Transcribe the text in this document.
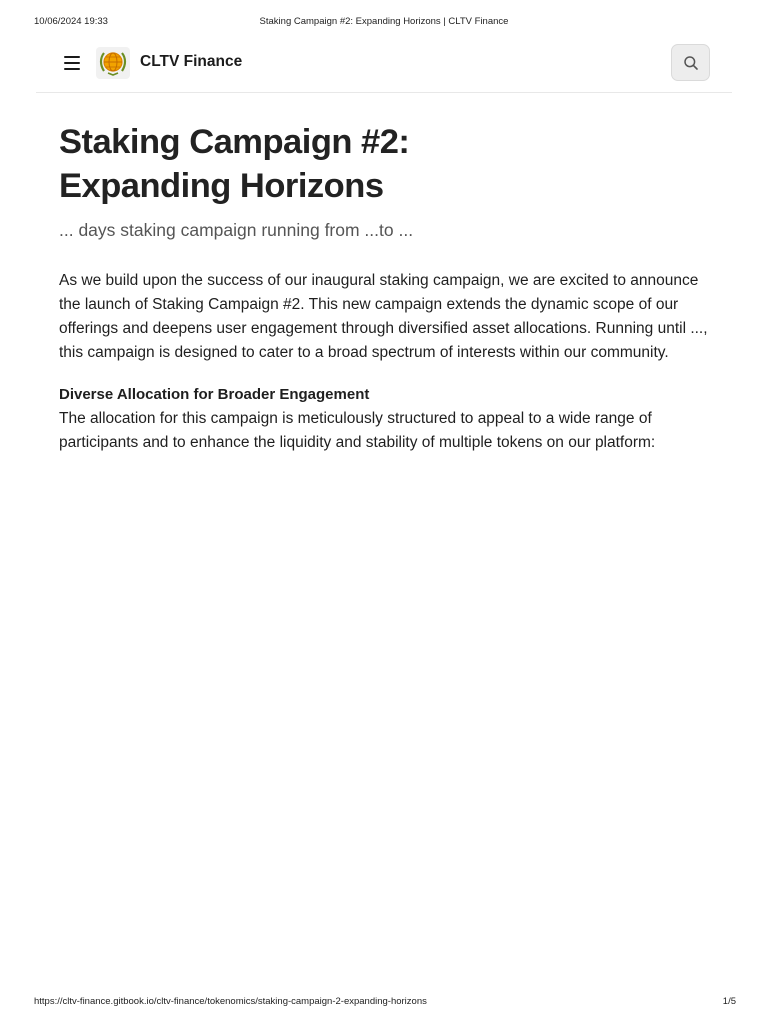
10/06/2024 19:33	Staking Campaign #2: Expanding Horizons | CLTV Finance
CLTV Finance
Staking Campaign #2:
Expanding Horizons

... days staking campaign running from ...to ...

As we build upon the success of our inaugural staking campaign, we are excited to announce the launch of Staking Campaign #2. This new campaign extends the dynamic scope of our offerings and deepens user engagement through diversified asset allocations. Running until ..., this campaign is designed to cater to a broad spectrum of interests within our community.

Diverse Allocation for Broader Engagement

The allocation for this campaign is meticulously structured to appeal to a wide range of participants and to enhance the liquidity and stability of multiple tokens on our platform:

https://cltv-finance.gitbook.io/cltv-finance/tokenomics/staking-campaign-2-expanding-horizons	1/5
